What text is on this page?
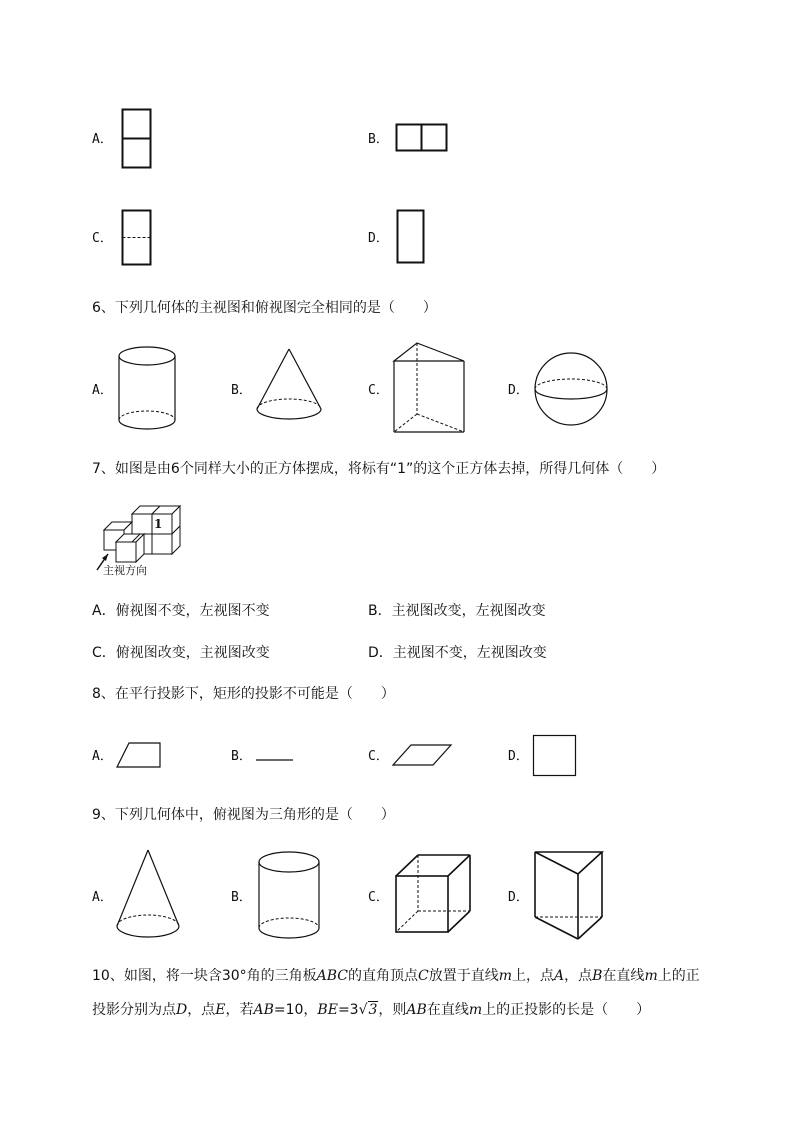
A．	B．
C．	D．
6、下列几何体的主视图和俯视图完全相同的是（　　）
A．	B．	C．	D．
7、如图是由6个同样大小的正方体摆成，将标有“1”的这个正方体去掉，所得几何体（　　）
1
主视方向
A．俯视图不变，左视图不变	B．主视图改变，左视图改变
C．俯视图改变，主视图改变	D．主视图不变，左视图改变
8、在平行投影下，矩形的投影不可能是（　　）
A．	B．	C．	D．
9、下列几何体中，俯视图为三角形的是（　　）
A．	B．	C．	D．
10、如图，将一块含30°角的三角板ABC的直角顶点C放置于直线m上，点A，点B在直线m上的正
投影分别为点D，点E，若AB=10，BE=3√3，则AB在直线m上的正投影的长是（　　）
